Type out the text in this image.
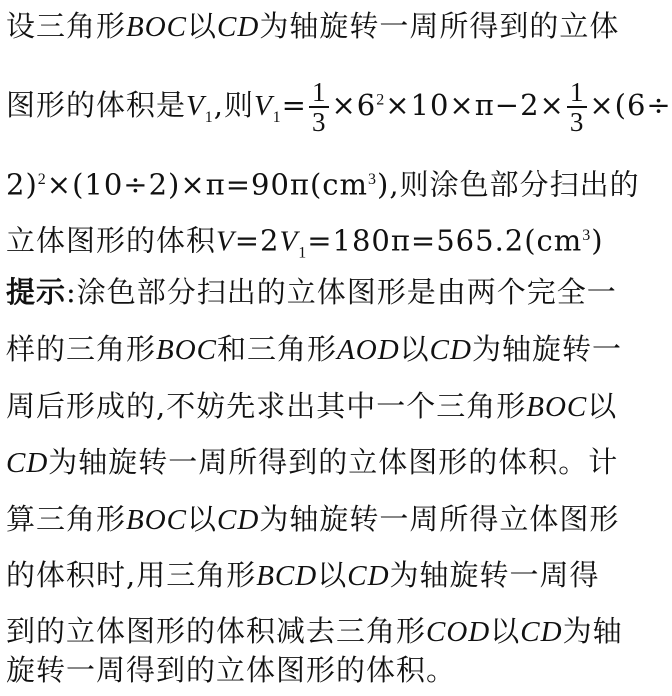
设三角形BOC以CD为轴旋转一周所得到的立体
图形的体积是$V_1$,则$V_1= \frac{1}{3} \times 6^2\times 10\times\pi-2\times \frac{1}{3} \times(6\div$
$2)^2\times(10\div 2)\times\pi=90\pi(cm^3)$,则涂色部分扫出的
立体图形的体积$V=2V_1=180\pi=565.2(cm^3)$
提示:涂色部分扫出的立体图形是由两个完全一
样的三角形BOC和三角形AOD以CD为轴旋转一
周后形成的,不妨先求出其中一个三角形BOC以
CD为轴旋转一周所得到的立体图形的体积。计
算三角形BOC以CD为轴旋转一周所得立体图形
的体积时,用三角形BCD以CD为轴旋转一周得
到的立体图形的体积减去三角形COD以CD为轴
旋转一周得到的立体图形的体积。
